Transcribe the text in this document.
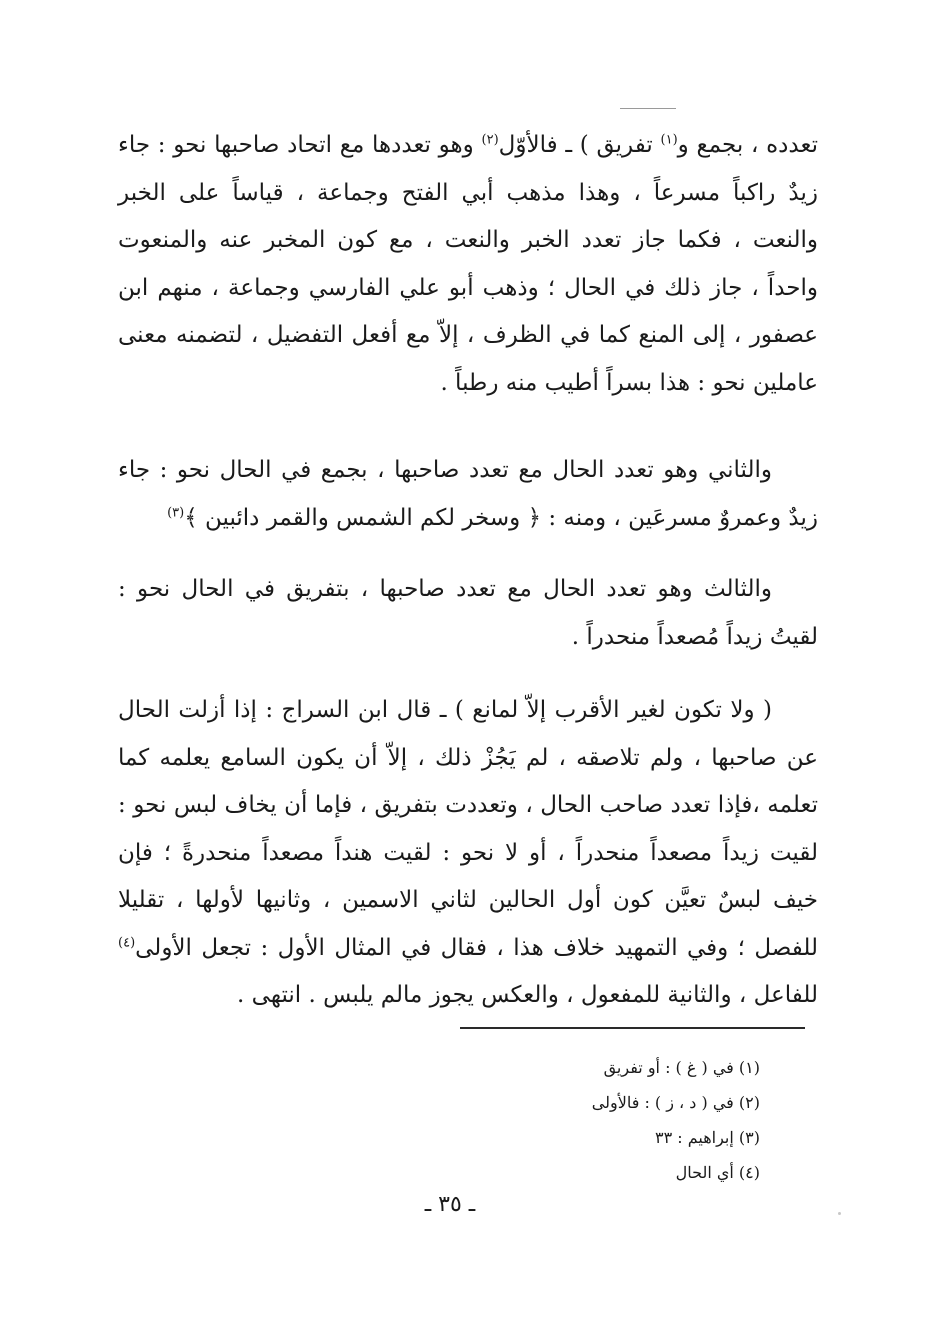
تعدده ، بجمع و$^{(١)}$ تفريق ) ـ فالأوّل$^{(٢)}$ وهو تعددها مع اتحاد صاحبها نحو : جاء زيدٌ راكباً مسرعاً ، وهذا مذهب أبي الفتح وجماعة ، قياساً على الخبر والنعت ، فكما جاز تعدد الخبر والنعت ، مع كون المخبر عنه والمنعوت واحداً ، جاز ذلك في الحال ؛ وذهب أبو علي الفارسي وجماعة ، منهم ابن عصفور ، إلى المنع كما في الظرف ، إلاّ مع أفعل التفضيل ، لتضمنه معنى عاملين نحو : هذا بسراً أطيب منه رطباً .

والثاني وهو تعدد الحال مع تعدد صاحبها ، بجمع في الحال نحو : جاء زيدٌ وعمروٌ مسرعَين ، ومنه : ﴿ وسخر لكم الشمس والقمر دائبين ﴾$^{(٣)}$

والثالث وهو تعدد الحال مع تعدد صاحبها ، بتفريق في الحال نحو : لقيتُ زيداً مُصعداً منحدراً .

( ولا تكون لغير الأقرب إلاّ لمانع ) ـ قال ابن السراج : إذا أزلت الحال عن صاحبها ، ولم تلاصقه ، لم يَجُزْ ذلك ، إلاّ أن يكون السامع يعلمه كما تعلمه ،فإذا تعدد صاحب الحال ، وتعددت بتفريق ، فإما أن يخاف لبس نحو : لقيت زيداً مصعداً منحدراً ، أو لا نحو : لقيت هنداً مصعداً منحدرةً ؛ فإن خيف لبسٌ تعيَّن كون أول الحالين لثاني الاسمين ، وثانيها لأولها ، تقليلا للفصل ؛ وفي التمهيد خلاف هذا ، فقال في المثال الأول : تجعل الأولى$^{(٤)}$ للفاعل ، والثانية للمفعول ، والعكس يجوز مالم يلبس . انتهى .

(١) في ( غ ) : أو تفريق

(٢) في ( د ، ز ) : فالأولى

(٣) إبراهيم : ٣٣

(٤) أي الحال

ـ ٣٥ ـ
